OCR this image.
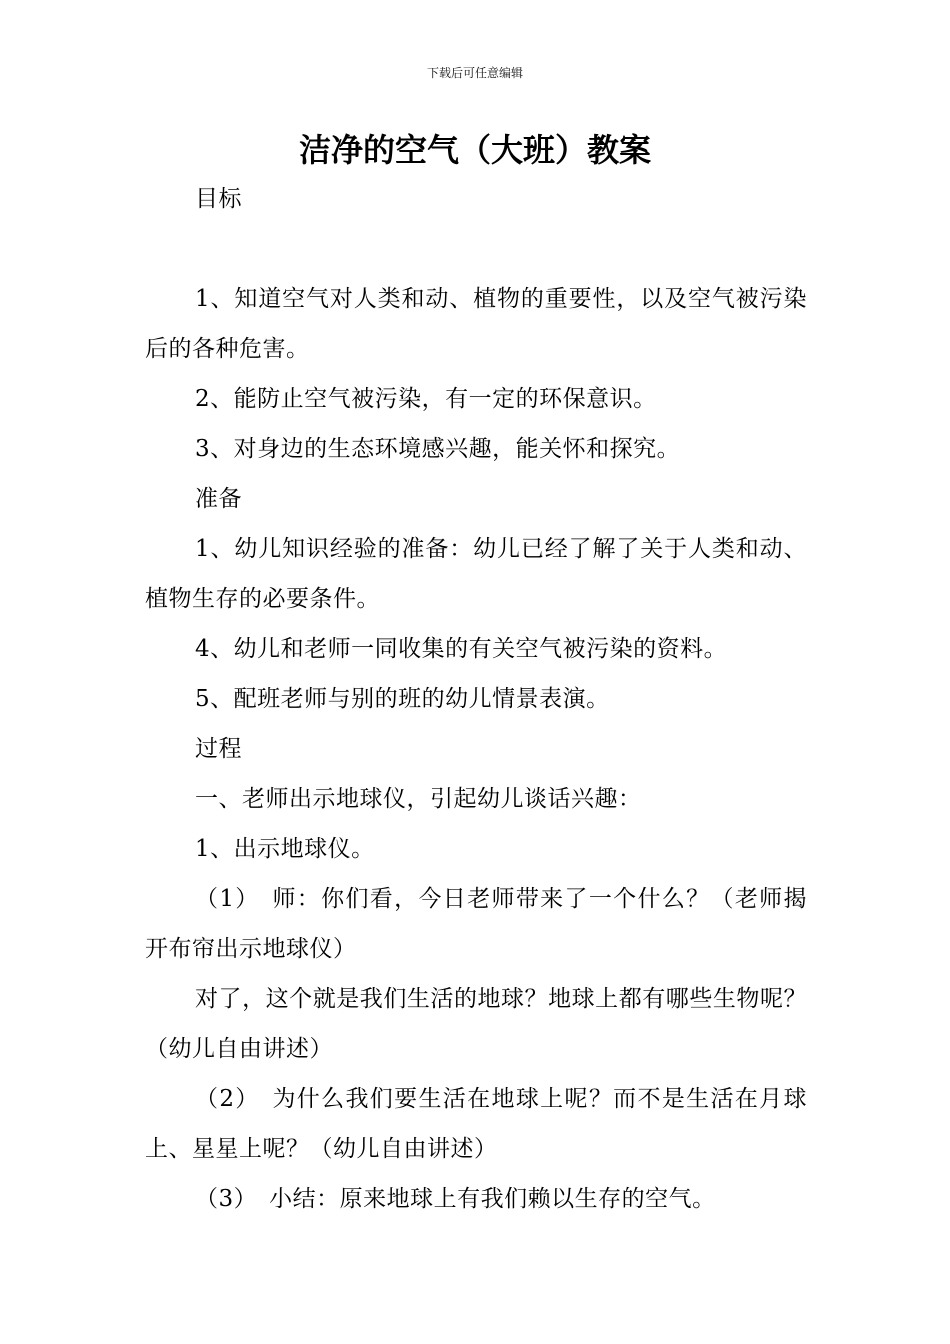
下载后可任意编辑
洁净的空气（大班）教案

目标

1、知道空气对人类和动、植物的重要性，以及空气被污染后的各种危害。

2、能防止空气被污染，有一定的环保意识。

3、对身边的生态环境感兴趣，能关怀和探究。

准备

1、幼儿知识经验的准备：幼儿已经了解了关于人类和动、植物生存的必要条件。

4、幼儿和老师一同收集的有关空气被污染的资料。

5、配班老师与别的班的幼儿情景表演。

过程

一、老师出示地球仪，引起幼儿谈话兴趣：

1、出示地球仪。

（1）　师：你们看，今日老师带来了一个什么？（老师揭开布帘出示地球仪）

对了，这个就是我们生活的地球？地球上都有哪些生物呢？（幼儿自由讲述）

（2）　为什么我们要生活在地球上呢？而不是生活在月球上、星星上呢？（幼儿自由讲述）

（3）　小结：原来地球上有我们赖以生存的空气。
